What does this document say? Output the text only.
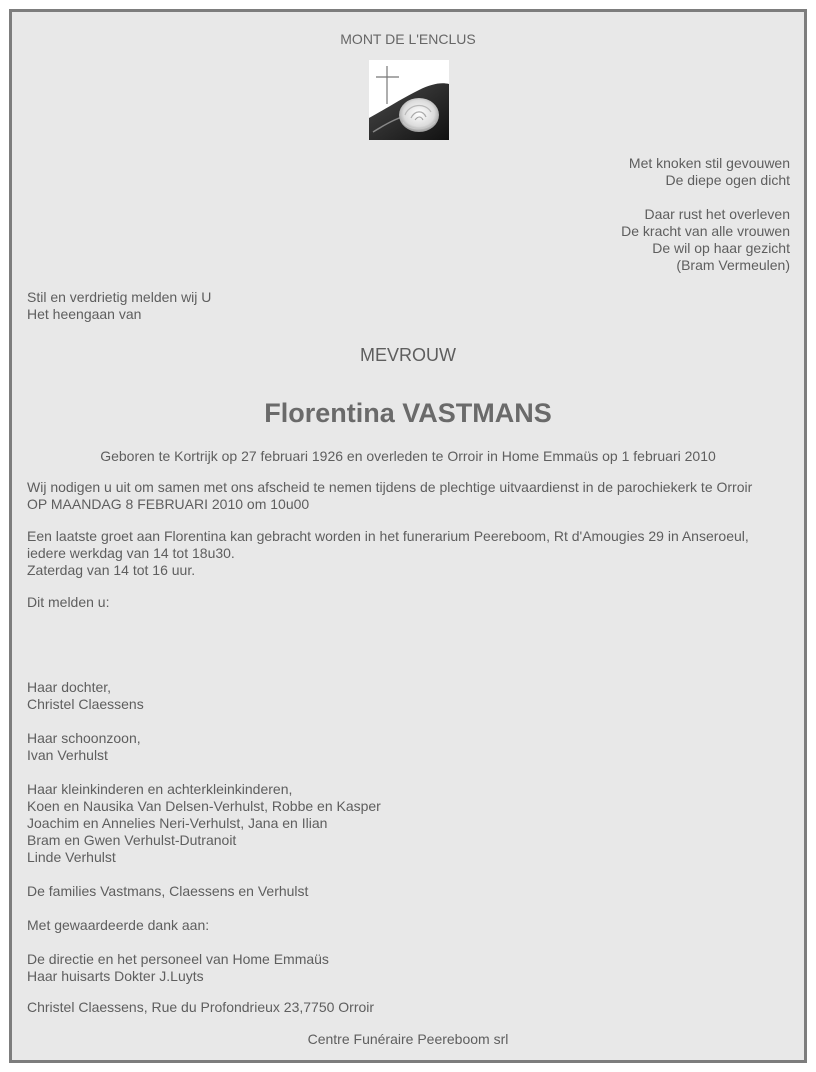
MONT DE L'ENCLUS
Met knoken stil gevouwen
De diepe ogen dicht
Daar rust het overleven
De kracht van alle vrouwen
De wil op haar gezicht
(Bram Vermeulen)
Stil en verdrietig melden wij U
Het heengaan van
MEVROUW
Florentina VASTMANS
Geboren te Kortrijk op 27 februari 1926 en overleden te Orroir in Home Emmaüs op 1 februari 2010

Wij nodigen u uit om samen met ons afscheid te nemen tijdens de plechtige uitvaardienst in de parochiekerk te Orroir
OP MAANDAG 8 FEBRUARI 2010 om 10u00

Een laatste groet aan Florentina kan gebracht worden in het funerarium Peereboom, Rt d'Amougies 29 in Anseroeul,
iedere werkdag van 14 tot 18u30.
Zaterdag van 14 tot 16 uur.

Dit melden u:

Haar dochter,
Christel Claessens
Haar schoonzoon,
Ivan Verhulst
Haar kleinkinderen en achterkleinkinderen,
Koen en Nausika Van Delsen-Verhulst, Robbe en Kasper
Joachim en Annelies Neri-Verhulst, Jana en Ilian
Bram en Gwen Verhulst-Dutranoit
Linde Verhulst
De families Vastmans, Claessens en Verhulst
Met gewaardeerde dank aan:
De directie en het personeel van Home Emmaüs
Haar huisarts Dokter J.Luyts
Christel Claessens, Rue du Profondrieux 23,7750 Orroir
Centre Funéraire Peereboom srl
